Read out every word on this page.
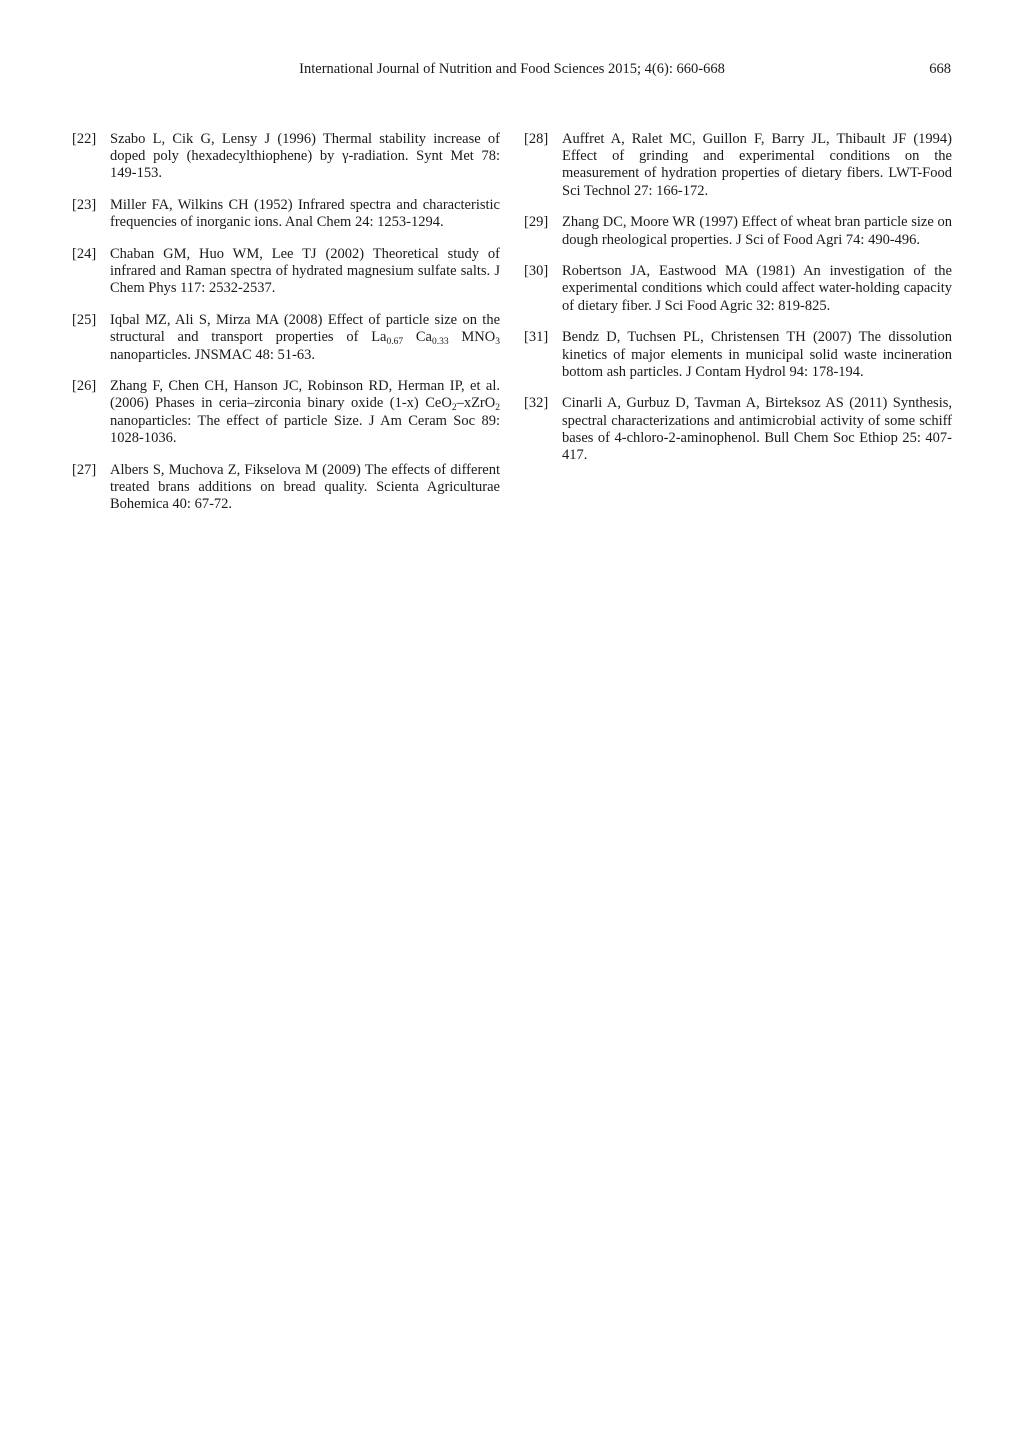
International Journal of Nutrition and Food Sciences 2015; 4(6): 660-668	668
[22] Szabo L, Cik G, Lensy J (1996) Thermal stability increase of doped poly (hexadecylthiophene) by γ-radiation. Synt Met 78: 149-153.
[23] Miller FA, Wilkins CH (1952) Infrared spectra and characteristic frequencies of inorganic ions. Anal Chem 24: 1253-1294.
[24] Chaban GM, Huo WM, Lee TJ (2002) Theoretical study of infrared and Raman spectra of hydrated magnesium sulfate salts. J Chem Phys 117: 2532-2537.
[25] Iqbal MZ, Ali S, Mirza MA (2008) Effect of particle size on the structural and transport properties of $La_{0.67}$ $Ca_{0.33}$ $MNO_3$ nanoparticles. JNSMAC 48: 51-63.
[26] Zhang F, Chen CH, Hanson JC, Robinson RD, Herman IP, et al. (2006) Phases in ceria–zirconia binary oxide (1-x) CeO$_2$–xZrO$_2$ nanoparticles: The effect of particle Size. J Am Ceram Soc 89: 1028-1036.
[27] Albers S, Muchova Z, Fikselova M (2009) The effects of different treated brans additions on bread quality. Scienta Agriculturae Bohemica 40: 67-72.
[28] Auffret A, Ralet MC, Guillon F, Barry JL, Thibault JF (1994) Effect of grinding and experimental conditions on the measurement of hydration properties of dietary fibers. LWT-Food Sci Technol 27: 166-172.
[29] Zhang DC, Moore WR (1997) Effect of wheat bran particle size on dough rheological properties. J Sci of Food Agri 74: 490-496.
[30] Robertson JA, Eastwood MA (1981) An investigation of the experimental conditions which could affect water-holding capacity of dietary fiber. J Sci Food Agric 32: 819-825.
[31] Bendz D, Tuchsen PL, Christensen TH (2007) The dissolution kinetics of major elements in municipal solid waste incineration bottom ash particles. J Contam Hydrol 94: 178-194.
[32] Cinarli A, Gurbuz D, Tavman A, Birteksoz AS (2011) Synthesis, spectral characterizations and antimicrobial activity of some schiff bases of 4-chloro-2-aminophenol. Bull Chem Soc Ethiop 25: 407-417.
